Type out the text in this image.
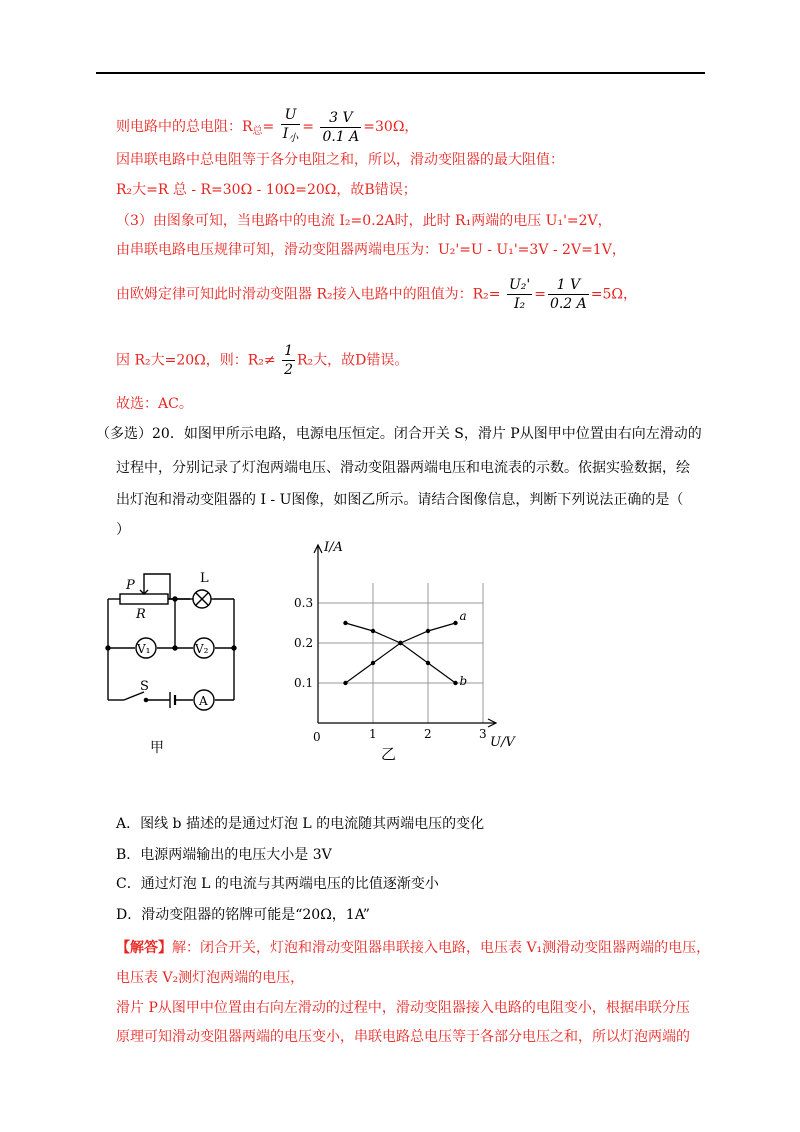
则电路中的总电阻：$R_总= \frac{U}{I_小} = \frac{3 V}{0.1 A} =30\Omega$，
因串联电路中总电阻等于各分电阻之和，所以，滑动变阻器的最大阻值：
R₂大=R 总 - R=30Ω - 10Ω=20Ω，故B错误；
（3）由图象可知，当电路中的电流 I₂=0.2A时，此时 R₁两端的电压 U₁'=2V，
由串联电路电压规律可知，滑动变阻器两端电压为：U₂'=U - U₁'=3V - 2V=1V，
由欧姆定律可知此时滑动变阻器 R₂接入电路中的阻值为：$R_2= \frac{\text{U₂'}}{\text{I₂}} = \frac{1 V}{0.2 A} =5\Omega$，
因 R₂大=20Ω，则：$R_2\ne \frac{1}{2} R_2$大，故D错误。
故选：AC。
（多选）20．如图甲所示电路，电源电压恒定。闭合开关 S，滑片 P从图甲中位置由右向左滑动的
过程中，分别记录了灯泡两端电压、滑动变阻器两端电压和电流表的示数。依据实验数据，绘
出灯泡和滑动变阻器的 I - U图像，如图乙所示。请结合图像信息，判断下列说法正确的是（
）
P
R
L
V₁	V₂
S
A
甲
1	2	3
0.1
0.2
0.3
a
b
I/A
U/V
0
乙
A．图线 b 描述的是通过灯泡 L 的电流随其两端电压的变化
B．电源两端输出的电压大小是 3V
C．通过灯泡 L 的电流与其两端电压的比值逐渐变小
D．滑动变阻器的铭牌可能是“20Ω，1A”
【解答】解：闭合开关，灯泡和滑动变阻器串联接入电路，电压表 V₁测滑动变阻器两端的电压，
电压表 V₂测灯泡两端的电压，
滑片 P从图甲中位置由右向左滑动的过程中，滑动变阻器接入电路的电阻变小，根据串联分压
原理可知滑动变阻器两端的电压变小，串联电路总电压等于各部分电压之和，所以灯泡两端的
